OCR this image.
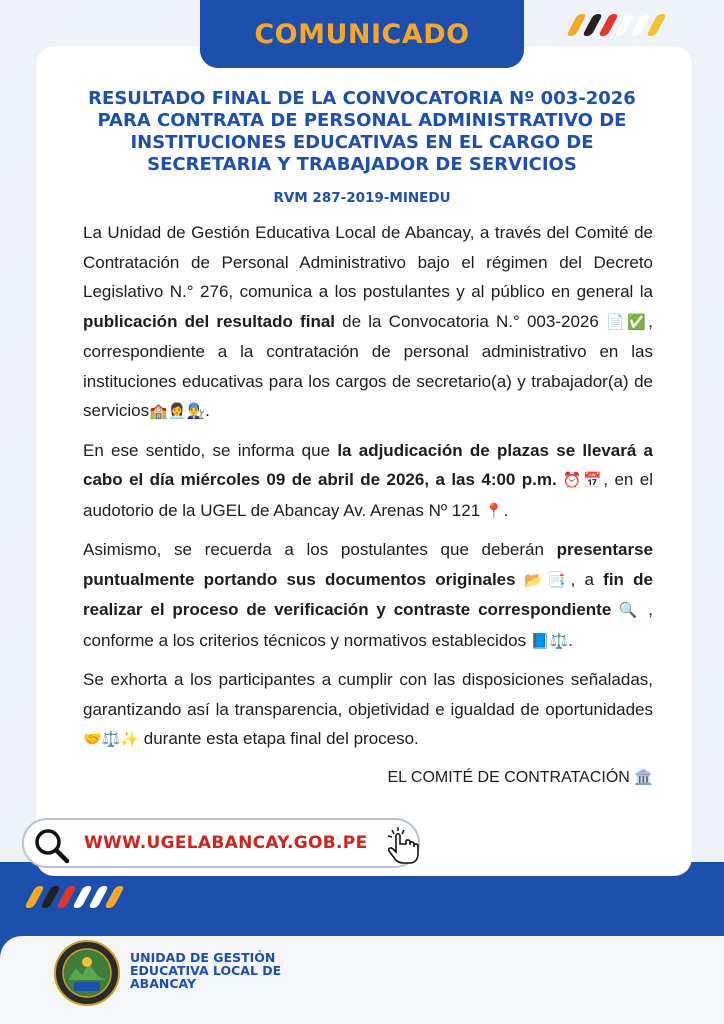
COMUNICADO
RESULTADO FINAL DE LA CONVOCATORIA Nº 003-2026
PARA CONTRATA DE PERSONAL ADMINISTRATIVO DE
INSTITUCIONES EDUCATIVAS EN EL CARGO DE
SECRETARIA Y TRABAJADOR DE SERVICIOS
RVM 287-2019-MINEDU

La Unidad de Gestión Educativa Local de Abancay, a través del Comité de Contratación de Personal Administrativo bajo el régimen del Decreto Legislativo N.° 276, comunica a los postulantes y al público en general la publicación del resultado final de la Convocatoria N.° 003-2026 📄✅, correspondiente a la contratación de personal administrativo en las instituciones educativas para los cargos de secretario(a) y trabajador(a) de servicios🏫👩‍💼👨‍🔧.

En ese sentido, se informa que la adjudicación de plazas se llevará a cabo el día miércoles 09 de abril de 2026, a las 4:00 p.m. ⏰📅, en el audotorio de la UGEL de Abancay Av. Arenas Nº 121 📍.

Asimismo, se recuerda a los postulantes que deberán presentarse puntualmente portando sus documentos originales 📂📑, a fin de realizar el proceso de verificación y contraste correspondiente 🔍 , conforme a los criterios técnicos y normativos establecidos 📘⚖️.

Se exhorta a los participantes a cumplir con las disposiciones señaladas, garantizando así la transparencia, objetividad e igualdad de oportunidades 🤝⚖️✨ durante esta etapa final del proceso.

EL COMITÉ DE CONTRATACIÓN 🏛️
WWW.UGELABANCAY.GOB.PE
UNIDAD DE GESTIÓN
EDUCATIVA LOCAL DE
ABANCAY
